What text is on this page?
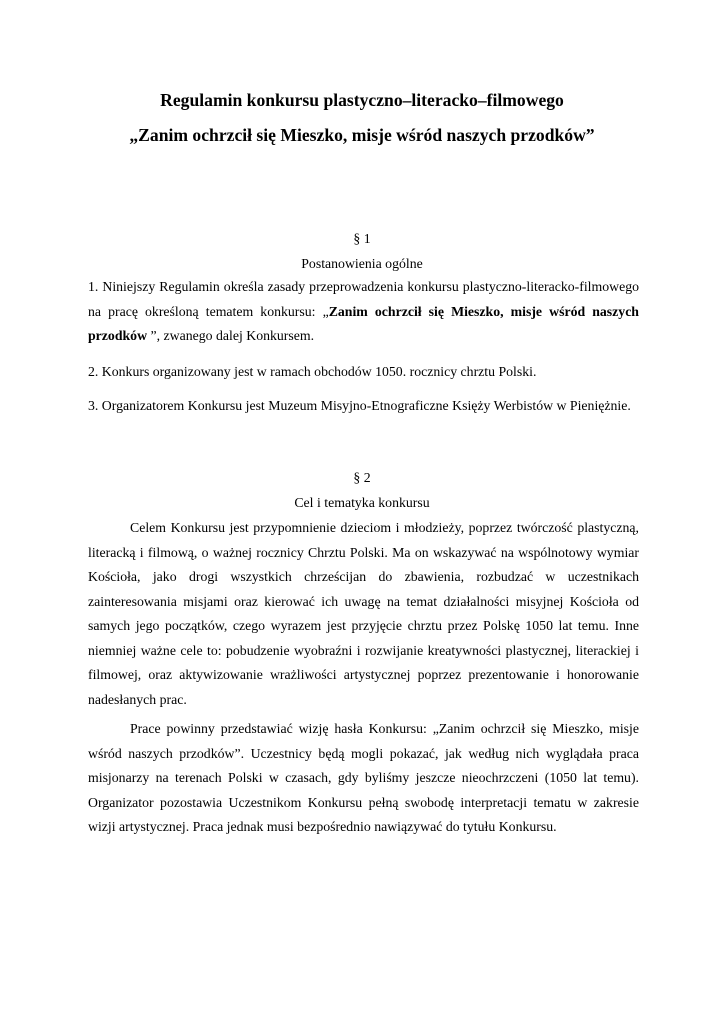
Regulamin konkursu plastyczno–literacko–filmowego
„Zanim ochrzcił się Mieszko, misje wśród naszych przodków”

§ 1

Postanowienia ogólne

1. Niniejszy Regulamin określa zasady przeprowadzenia konkursu plastyczno-literacko-filmowego na pracę określoną tematem konkursu: „Zanim ochrzcił się Mieszko, misje wśród naszych przodków ”, zwanego dalej Konkursem.

2. Konkurs organizowany jest w ramach obchodów 1050. rocznicy chrztu Polski.

3. Organizatorem Konkursu jest Muzeum Misyjno-Etnograficzne Księży Werbistów w Pieniężnie.

§ 2

Cel i tematyka konkursu

Celem Konkursu jest przypomnienie dzieciom i młodzieży, poprzez twórczość plastyczną, literacką i filmową, o ważnej rocznicy Chrztu Polski. Ma on wskazywać na wspólnotowy wymiar Kościoła, jako drogi wszystkich chrześcijan do zbawienia, rozbudzać w uczestnikach zainteresowania misjami oraz kierować ich uwagę na temat działalności misyjnej Kościoła od samych jego początków, czego wyrazem jest przyjęcie chrztu przez Polskę 1050 lat temu. Inne niemniej ważne cele to: pobudzenie wyobraźni i rozwijanie kreatywności plastycznej, literackiej i filmowej, oraz aktywizowanie wrażliwości artystycznej poprzez prezentowanie i honorowanie nadesłanych prac.

Prace powinny przedstawiać wizję hasła Konkursu: „Zanim ochrzcił się Mieszko, misje wśród naszych przodków”. Uczestnicy będą mogli pokazać, jak według nich wyglądała praca misjonarzy na terenach Polski w czasach, gdy byliśmy jeszcze nieochrzczeni (1050 lat temu). Organizator pozostawia Uczestnikom Konkursu pełną swobodę interpretacji tematu w zakresie wizji artystycznej. Praca jednak musi bezpośrednio nawiązywać do tytułu Konkursu.
